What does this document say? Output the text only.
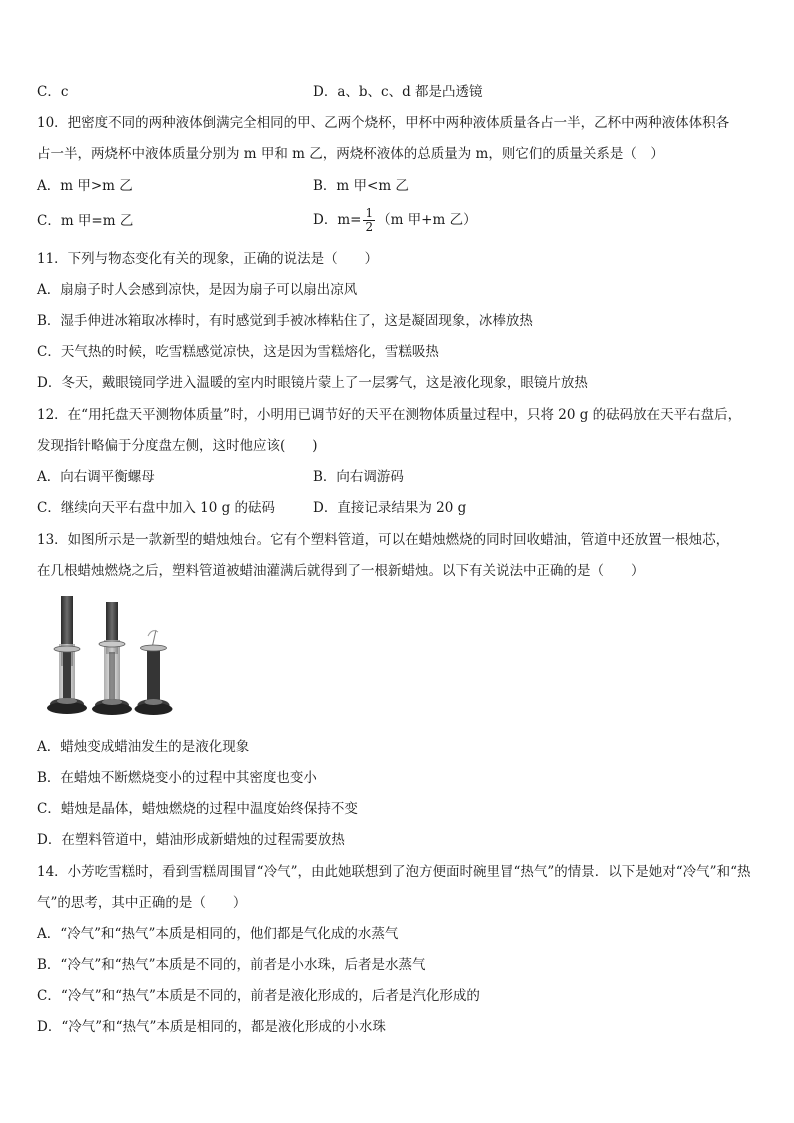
C．c	D．a、b、c、d 都是凸透镜
10．把密度不同的两种液体倒满完全相同的甲、乙两个烧杯，甲杯中两种液体质量各占一半，乙杯中两种液体体积各
占一半，两烧杯中液体质量分别为 m 甲和 m 乙，两烧杯液体的总质量为 m，则它们的质量关系是（　）
A．m 甲>m 乙	B．m 甲<m 乙
C．m 甲=m 乙	D．$m= \frac{1}{2} (m$ 甲+m 乙）
11．下列与物态变化有关的现象，正确的说法是（　　）
A．扇扇子时人会感到凉快，是因为扇子可以扇出凉风
B．湿手伸进冰箱取冰棒时，有时感觉到手被冰棒粘住了，这是凝固现象，冰棒放热
C．天气热的时候，吃雪糕感觉凉快，这是因为雪糕熔化，雪糕吸热
D．冬天，戴眼镜同学进入温暖的室内时眼镜片蒙上了一层雾气，这是液化现象，眼镜片放热
12．在“用托盘天平测物体质量”时，小明用已调节好的天平在测物体质量过程中，只将 20 g 的砝码放在天平右盘后，
发现指针略偏于分度盘左侧，这时他应该(　　)
A．向右调平衡螺母	B．向右调游码
C．继续向天平右盘中加入 10 g 的砝码	D．直接记录结果为 20 g
13．如图所示是一款新型的蜡烛烛台。它有个塑料管道，可以在蜡烛燃烧的同时回收蜡油，管道中还放置一根烛芯，
在几根蜡烛燃烧之后，塑料管道被蜡油灌满后就得到了一根新蜡烛。以下有关说法中正确的是（　　）
A．蜡烛变成蜡油发生的是液化现象
B．在蜡烛不断燃烧变小的过程中其密度也变小
C．蜡烛是晶体，蜡烛燃烧的过程中温度始终保持不变
D．在塑料管道中，蜡油形成新蜡烛的过程需要放热
14．小芳吃雪糕时，看到雪糕周围冒“冷气”，由此她联想到了泡方便面时碗里冒“热气”的情景．以下是她对“冷气”和“热
气”的思考，其中正确的是（　　）
A．“冷气”和“热气”本质是相同的，他们都是气化成的水蒸气
B．“冷气”和“热气”本质是不同的，前者是小水珠，后者是水蒸气
C．“冷气”和“热气”本质是不同的，前者是液化形成的，后者是汽化形成的
D．“冷气”和“热气”本质是相同的，都是液化形成的小水珠
